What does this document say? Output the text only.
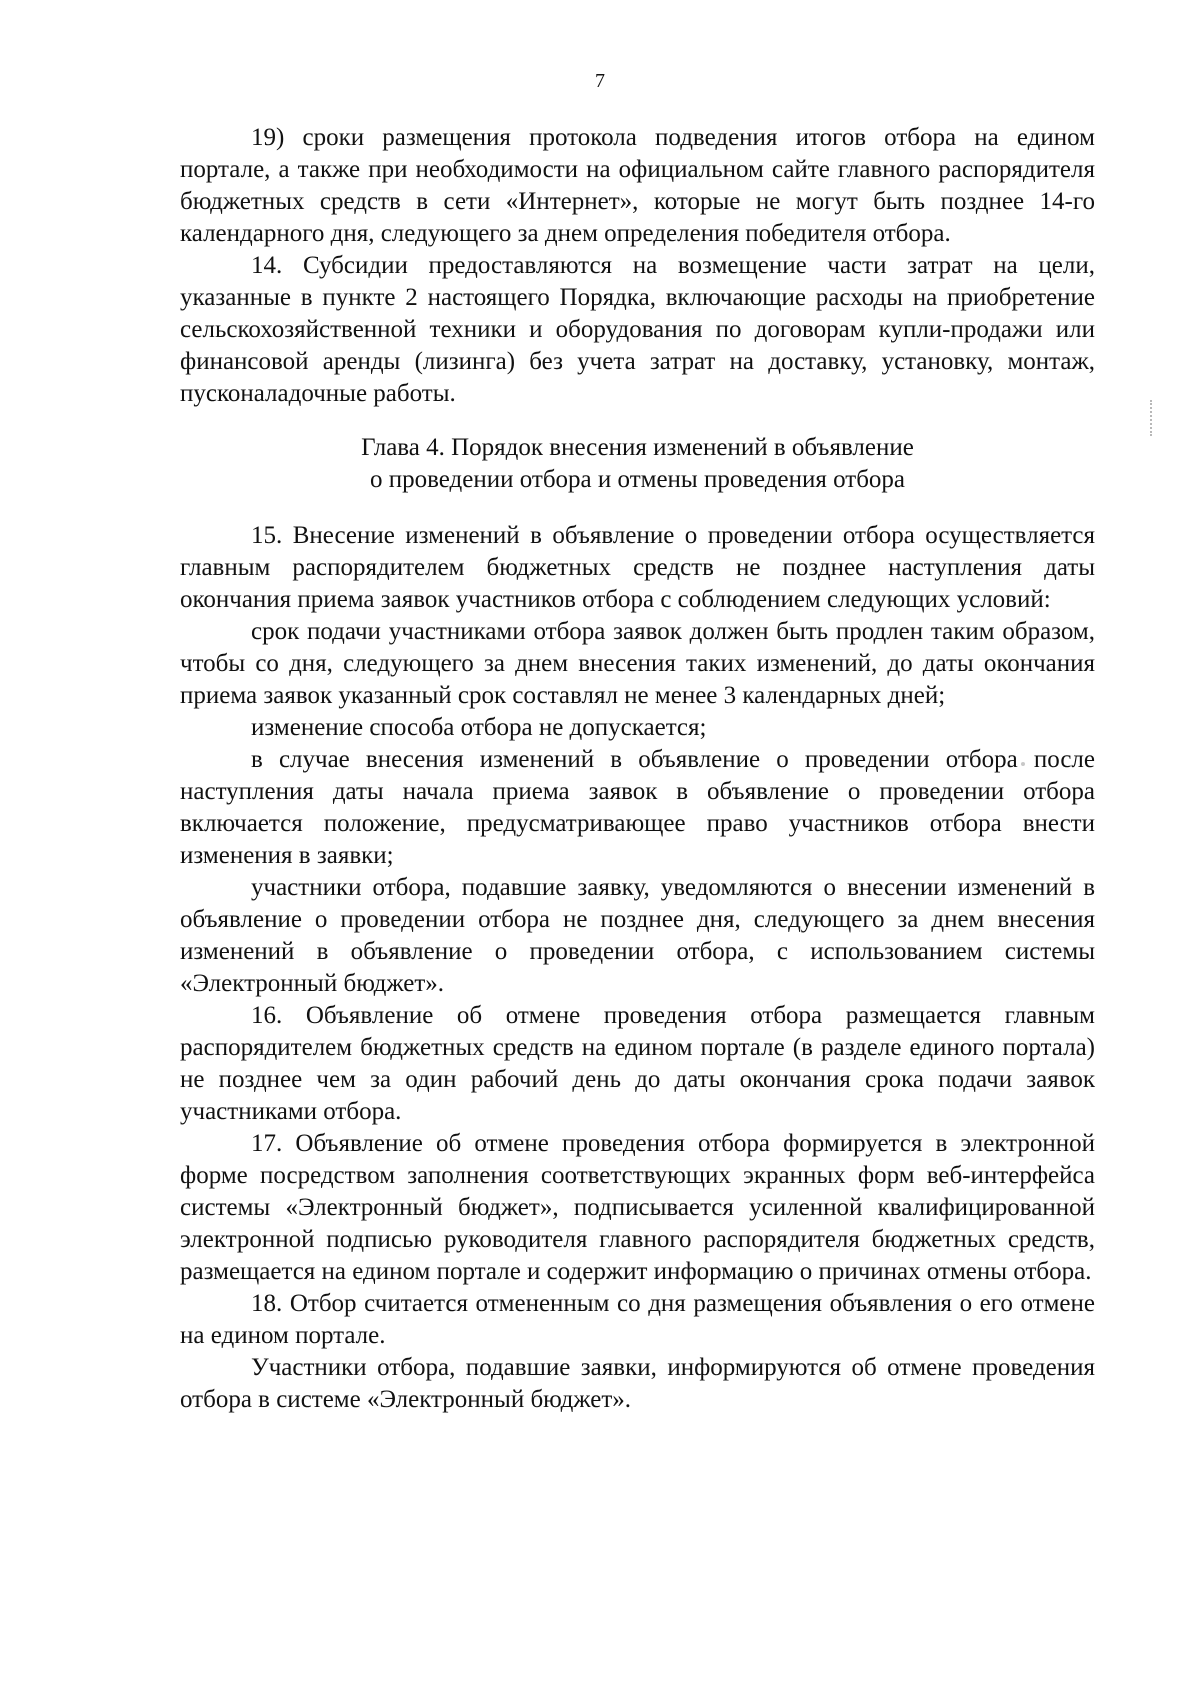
7

19) сроки размещения протокола подведения итогов отбора на едином портале, а также при необходимости на официальном сайте главного распорядителя бюджетных средств в сети «Интернет», которые не могут быть позднее 14-го календарного дня, следующего за днем определения победителя отбора.

14. Субсидии предоставляются на возмещение части затрат на цели, указанные в пункте 2 настоящего Порядка, включающие расходы на приобретение сельскохозяйственной техники и оборудования по договорам купли-продажи или финансовой аренды (лизинга) без учета затрат на доставку, установку, монтаж, пусконаладочные работы.

Глава 4. Порядок внесения изменений в объявление
о проведении отбора и отмены проведения отбора

15. Внесение изменений в объявление о проведении отбора осуществляется главным распорядителем бюджетных средств не позднее наступления даты окончания приема заявок участников отбора с соблюдением следующих условий:

срок подачи участниками отбора заявок должен быть продлен таким образом, чтобы со дня, следующего за днем внесения таких изменений, до даты окончания приема заявок указанный срок составлял не менее 3 календарных дней;

изменение способа отбора не допускается;

в случае внесения изменений в объявление о проведении отбора после наступления даты начала приема заявок в объявление о проведении отбора включается положение, предусматривающее право участников отбора внести изменения в заявки;

участники отбора, подавшие заявку, уведомляются о внесении изменений в объявление о проведении отбора не позднее дня, следующего за днем внесения изменений в объявление о проведении отбора, с использованием системы «Электронный бюджет».

16. Объявление об отмене проведения отбора размещается главным распорядителем бюджетных средств на едином портале (в разделе единого портала) не позднее чем за один рабочий день до даты окончания срока подачи заявок участниками отбора.

17. Объявление об отмене проведения отбора формируется в электронной форме посредством заполнения соответствующих экранных форм веб-интерфейса системы «Электронный бюджет», подписывается усиленной квалифицированной электронной подписью руководителя главного распорядителя бюджетных средств, размещается на едином портале и содержит информацию о причинах отмены отбора.

18. Отбор считается отмененным со дня размещения объявления о его отмене на едином портале.

Участники отбора, подавшие заявки, информируются об отмене проведения отбора в системе «Электронный бюджет».
